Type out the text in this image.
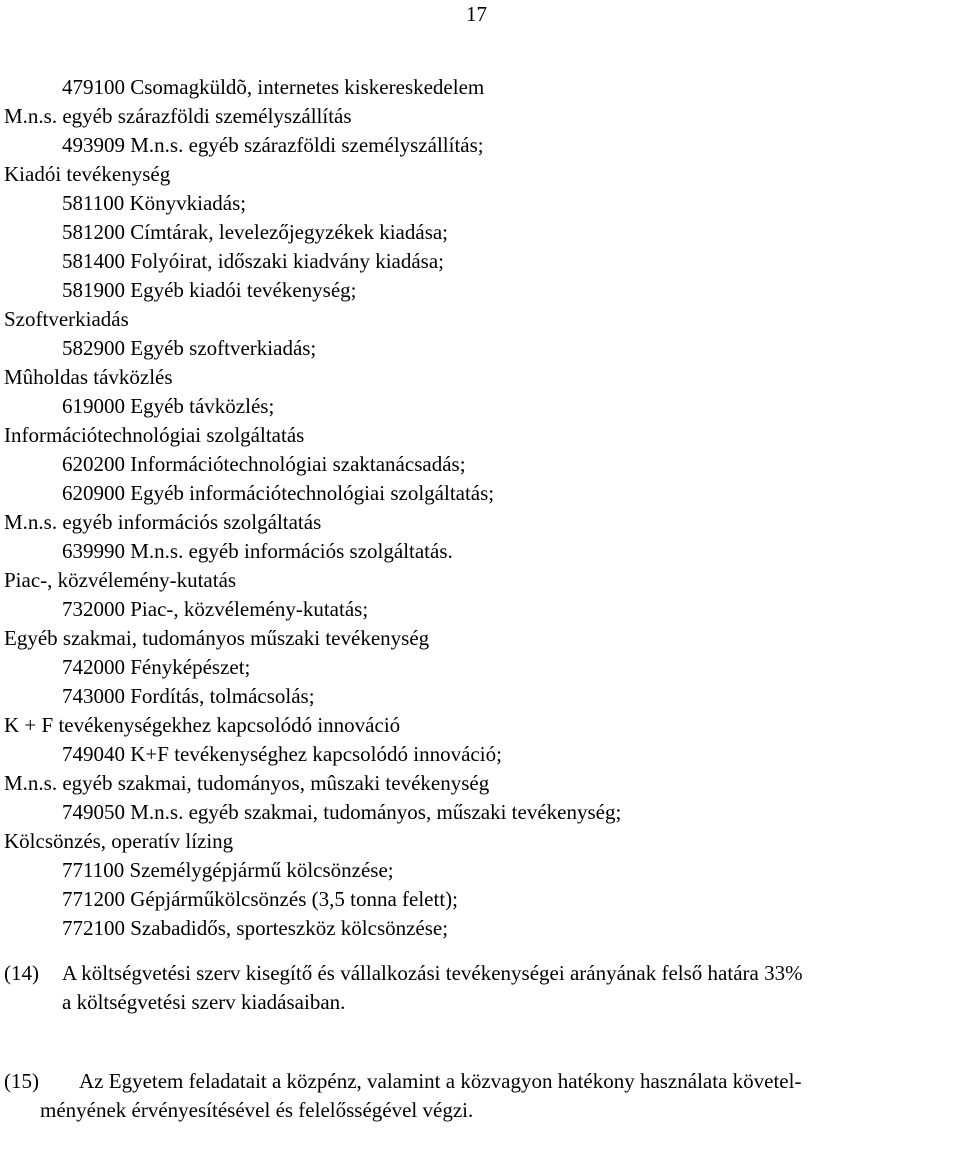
17
479100 Csomagküldõ, internetes kiskereskedelem
M.n.s. egyéb szárazföldi személyszállítás
493909 M.n.s. egyéb szárazföldi személyszállítás;
Kiadói tevékenység
581100 Könyvkiadás;
581200 Címtárak, levelezőjegyzékek kiadása;
581400 Folyóirat, időszaki kiadvány kiadása;
581900 Egyéb kiadói tevékenység;
Szoftverkiadás
582900 Egyéb szoftverkiadás;
Mûholdas távközlés
619000 Egyéb távközlés;
Információtechnológiai szolgáltatás
620200 Információtechnológiai szaktanácsadás;
620900 Egyéb információtechnológiai szolgáltatás;
M.n.s. egyéb információs szolgáltatás
639990 M.n.s. egyéb információs szolgáltatás.
Piac-, közvélemény-kutatás
732000 Piac-, közvélemény-kutatás;
Egyéb szakmai, tudományos műszaki tevékenység
742000 Fényképészet;
743000 Fordítás, tolmácsolás;
K + F tevékenységekhez kapcsolódó innováció
749040 K+F tevékenységhez kapcsolódó innováció;
M.n.s. egyéb szakmai, tudományos, mûszaki tevékenység
749050 M.n.s. egyéb szakmai, tudományos, műszaki tevékenység;
Kölcsönzés, operatív lízing
771100 Személygépjármű kölcsönzése;
771200 Gépjárműkölcsönzés (3,5 tonna felett);
772100 Szabadidős, sporteszköz kölcsönzése;
(14) A költségvetési szerv kisegítő és vállalkozási tevékenységei arányának felső határa 33%
a költségvetési szerv kiadásaiban.
(15) Az Egyetem feladatait a közpénz, valamint a közvagyon hatékony használata követel-
ményének érvényesítésével és felelősségével végzi.
